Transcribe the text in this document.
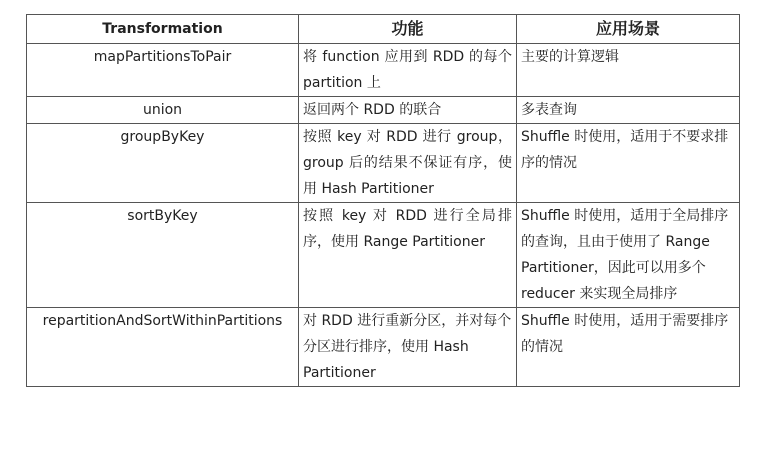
Transformation	功能	应用场景
mapPartitionsToPair	将 function 应用到 RDD 的每个 partition 上	主要的计算逻辑
union	返回两个 RDD 的联合	多表查询
groupByKey	按照 key 对 RDD 进行 group，group 后的结果不保证有序，使用 Hash Partitioner	Shuffle 时使用，适用于不要求排序的情况
sortByKey	按照 key 对 RDD 进行全局排序，使用 Range Partitioner	Shuffle 时使用，适用于全局排序的查询，且由于使用了 Range Partitioner，因此可以用多个 reducer 来实现全局排序
repartitionAndSortWithinPartitions	对 RDD 进行重新分区，并对每个分区进行排序，使用 Hash Partitioner	Shuffle 时使用，适用于需要排序的情况
